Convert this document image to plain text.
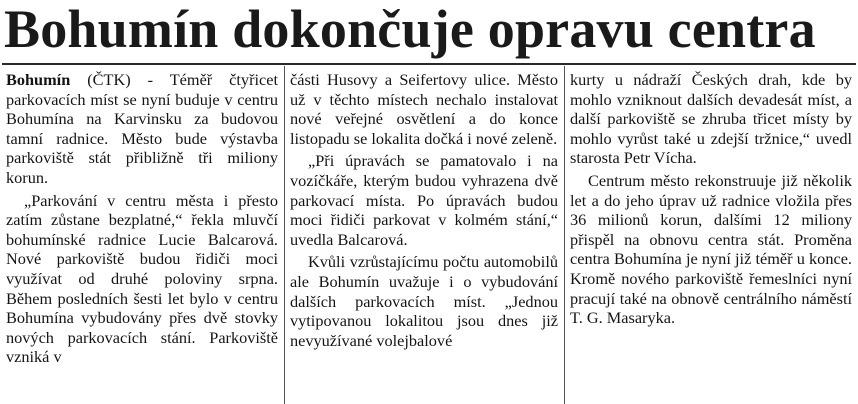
Bohumín dokončuje opravu centra

Bohumín (ČTK) - Téměř čtyřicet parkovacích míst se nyní buduje v centru Bohumína na Karvinsku za budovou tamní radnice. Město bude výstavba parkoviště stát přibližně tři miliony korun.

„Parkování v centru města i přesto zatím zůstane bezplatné,“ řekla mluvčí bohumínské radnice Lucie Balcarová. Nové parkoviště budou řidiči moci využívat od druhé poloviny srpna. Během posledních šesti let bylo v centru Bohumína vybudovány přes dvě stovky nových parkovacích stání. Parkoviště vzniká v

části Husovy a Seifertovy ulice. Město už v těchto místech nechalo instalovat nové veřejné osvětlení a do konce listopadu se lokalita dočká i nové zeleně.

„Při úpravách se pamatovalo i na vozíčkáře, kterým budou vyhrazena dvě parkovací místa. Po úpravách budou moci řidiči parkovat v kolmém stání,“ uvedla Balcarová.

Kvůli vzrůstajícímu počtu automobilů ale Bohumín uvažuje i o vybudování dalších parkovacích míst. „Jednou vytipovanou lokalitou jsou dnes již nevyužívané volejbalové

kurty u nádraží Českých drah, kde by mohlo vzniknout dalších devadesát míst, a další parkoviště se zhruba třicet místy by mohlo vyrůst také u zdejší tržnice,“ uvedl starosta Petr Vícha.

Centrum město rekonstruuje již několik let a do jeho úprav už radnice vložila přes 36 milionů korun, dalšími 12 miliony přispěl na obnovu centra stát. Proměna centra Bohumína je nyní již téměř u konce. Kromě nového parkoviště řemeslníci nyní pracují také na obnově centrálního náměstí T. G. Masaryka.
